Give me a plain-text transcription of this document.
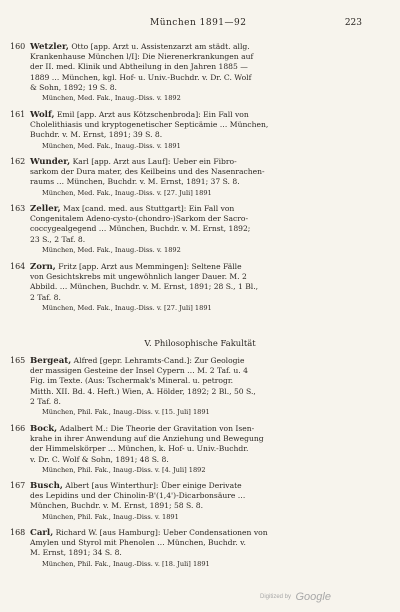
München 1891—92	223
160 Wetzler, Otto [app. Arzt u. Assistenzarzt am städt. allg.
Krankenhause München l/I]: Die Nierenerkrankungen auf
der II. med. Klinik und Abtheilung in den Jahren 1885 —
1889 … München, kgl. Hof- u. Univ.-Buchdr. v. Dr. C. Wolf
& Sohn, 1892; 19 S. 8.
München, Med. Fak., Inaug.-Diss. v. 1892
161 Wolf, Emil [app. Arzt aus Kötzschenbroda]: Ein Fall von
Cholelithiasis und kryptogenetischer Septicämie … München,
Buchdr. v. M. Ernst, 1891; 39 S. 8.
München, Med. Fak., Inaug.-Diss. v. 1891
162 Wunder, Karl [app. Arzt aus Lauf]: Ueber ein Fibro-
sarkom der Dura mater, des Keilbeins und des Nasenrachen-
raums … München, Buchdr. v. M. Ernst, 1891; 37 S. 8.
München, Med. Fak., Inaug.-Diss. v. [27. Juli] 1891
163 Zeller, Max [cand. med. aus Stuttgart]: Ein Fall von
Congenitalem Adeno-cysto-(chondro-)Sarkom der Sacro-
coccygealgegend … München, Buchdr. v. M. Ernst, 1892;
23 S., 2 Taf. 8.
München, Med. Fak., Inaug.-Diss. v. 1892
164 Zorn, Fritz [app. Arzt aus Memmingen]: Seltene Fälle
von Gesichtskrebs mit ungewöhnlich langer Dauer. M. 2
Abbild. … München, Buchdr. v. M. Ernst, 1891; 28 S., 1 Bl.,
2 Taf. 8.
München, Med. Fak., Inaug.-Diss. v. [27. Juli] 1891
V. Philosophische Fakultät
165 Bergeat, Alfred [gepr. Lehramts-Cand.]: Zur Geologie
der massigen Gesteine der Insel Cypern … M. 2 Taf. u. 4
Fig. im Texte. (Aus: Tschermak's Mineral. u. petrogr.
Mitth. XII. Bd. 4. Heft.) Wien, A. Hölder, 1892; 2 Bl., 50 S.,
2 Taf. 8.
München, Phil. Fak., Inaug.-Diss. v. [15. Juli] 1891
166 Bock, Adalbert M.: Die Theorie der Gravitation von Isen-
krahe in ihrer Anwendung auf die Anziehung und Bewegung
der Himmelskörper … München, k. Hof- u. Univ.-Buchdr.
v. Dr. C. Wolf & Sohn, 1891; 48 S. 8.
München, Phil. Fak., Inaug.-Diss. v. [4. Juli] 1892
167 Busch, Albert [aus Winterthur]: Über einige Derivate
des Lepidins und der Chinolin-B'(1,4')-Dicarbonsäure …
München, Buchdr. v. M. Ernst, 1891; 58 S. 8.
München, Phil. Fak., Inaug.-Diss. v. 1891
168 Carl, Richard W. [aus Hamburg]: Ueber Condensationen von
Amylen und Styrol mit Phenolen … München, Buchdr. v.
M. Ernst, 1891; 34 S. 8.
München, Phil. Fak., Inaug.-Diss. v. [18. Juli] 1891
Digitized by Google
